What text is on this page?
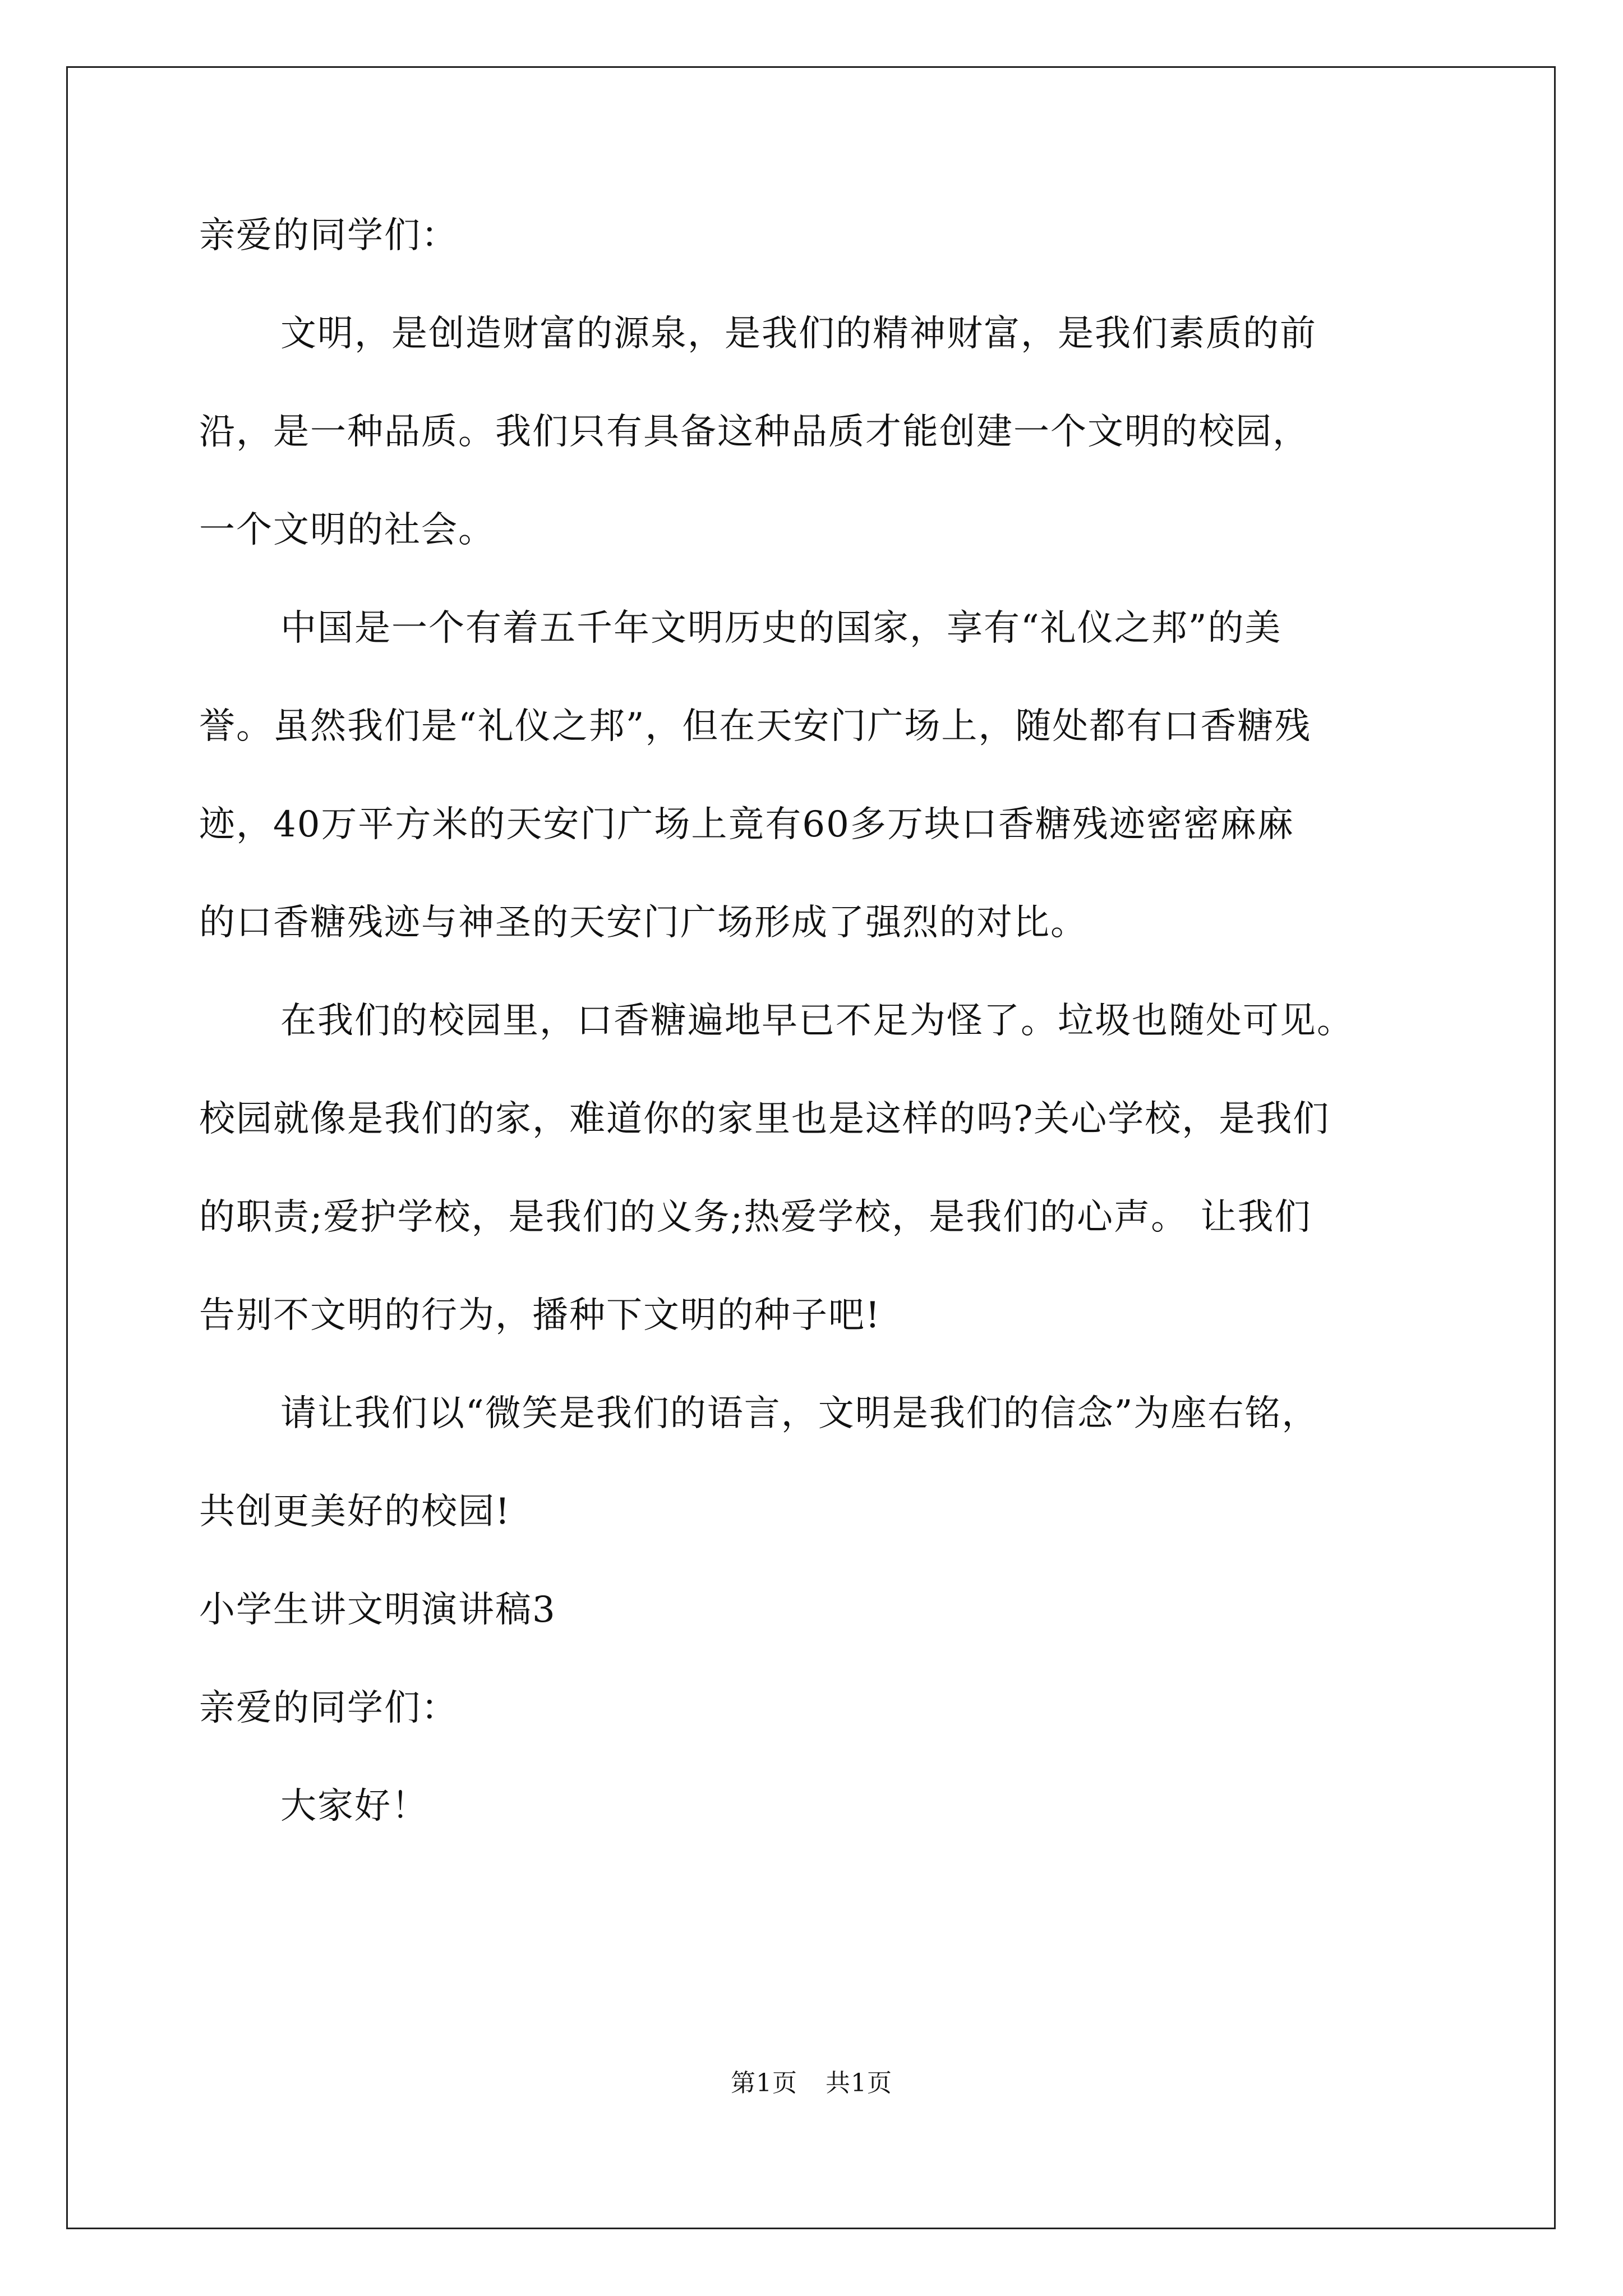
亲爱的同学们：
文明，是创造财富的源泉，是我们的精神财富，是我们素质的前
沿，是一种品质。我们只有具备这种品质才能创建一个文明的校园，
一个文明的社会。
中国是一个有着五千年文明历史的国家，享有“礼仪之邦”的美
誉。虽然我们是“礼仪之邦”，但在天安门广场上，随处都有口香糖残
迹，40万平方米的天安门广场上竟有60多万块口香糖残迹密密麻麻
的口香糖残迹与神圣的天安门广场形成了强烈的对比。
在我们的校园里，口香糖遍地早已不足为怪了。垃圾也随处可见。
校园就像是我们的家，难道你的家里也是这样的吗?关心学校，是我们
的职责;爱护学校，是我们的义务;热爱学校，是我们的心声。 让我们
告别不文明的行为，播种下文明的种子吧!
请让我们以“微笑是我们的语言，文明是我们的信念”为座右铭，
共创更美好的校园!
小学生讲文明演讲稿3
亲爱的同学们：
大家好！
第1页 共1页
